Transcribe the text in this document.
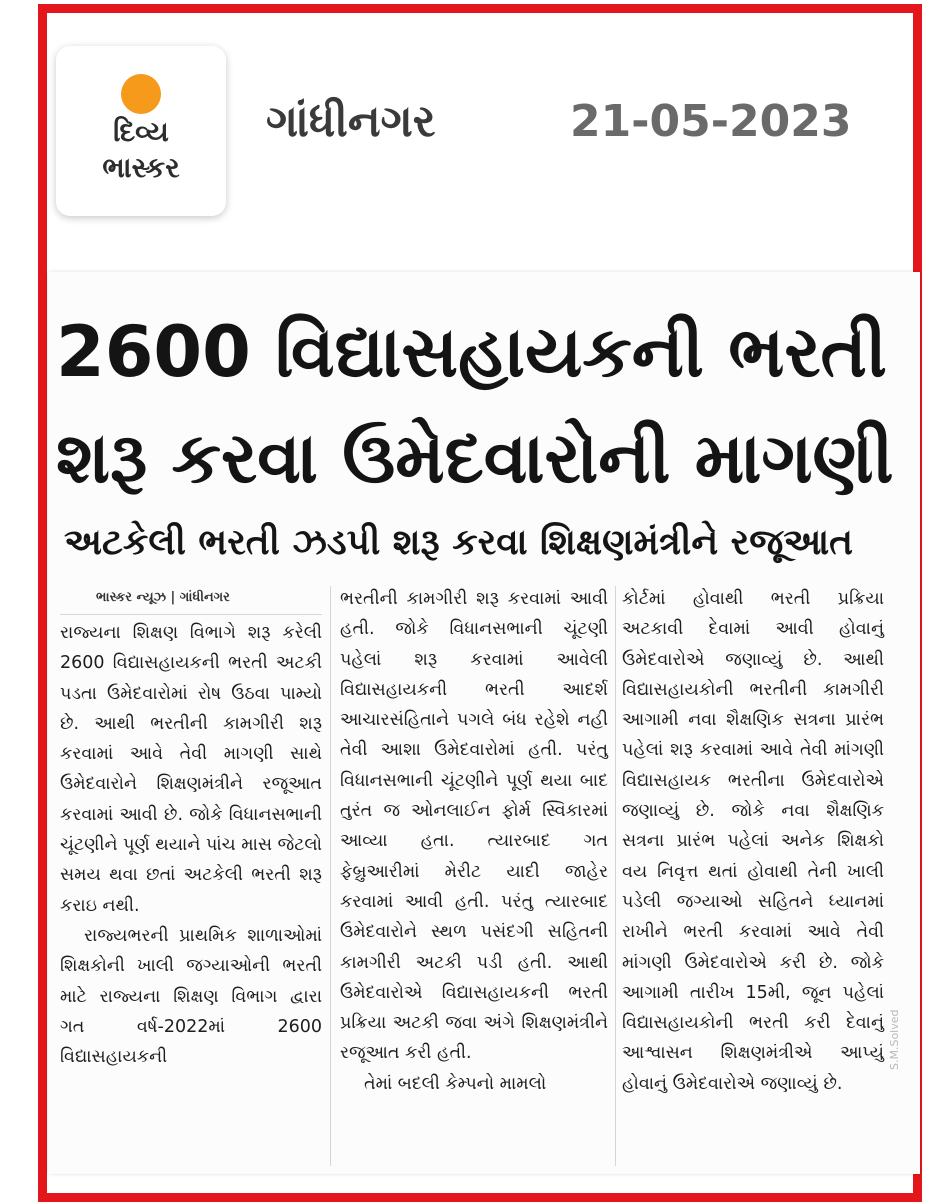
દિવ્ય
ભાસ્કર
ગાંધીનગર	21-05-2023
2600 વિદ્યાસહાયકની ભરતી
શરૂ કરવા ઉમેદવારોની માગણી
અટકેલી ભરતી ઝડપી શરૂ કરવા શિક્ષણમંત્રીને રજૂઆત
ભાસ્કર ન્યૂઝ | ગાંધીનગર

રાજ્યના શિક્ષણ વિભાગે શરૂ કરેલી 2600 વિદ્યાસહાયકની ભરતી અટકી પડતા ઉમેદવારોમાં રોષ ઉઠવા પામ્યો છે. આથી ભરતીની કામગીરી શરૂ કરવામાં આવે તેવી માગણી સાથે ઉમેદવારોને શિક્ષણમંત્રીને રજૂઆત કરવામાં આવી છે. જોકે વિધાનસભાની ચૂંટણીને પૂર્ણ થયાને પાંચ માસ જેટલો સમય થવા છતાં અટકેલી ભરતી શરૂ કરાઇ નથી.

રાજ્યભરની પ્રાથમિક શાળાઓમાં શિક્ષકોની ખાલી જગ્યાઓની ભરતી માટે રાજ્યના શિક્ષણ વિભાગ દ્વારા ગત વર્ષ-2022માં 2600 વિદ્યાસહાયકની

ભરતીની કામગીરી શરૂ કરવામાં આવી હતી. જોકે વિધાનસભાની ચૂંટણી પહેલાં શરૂ કરવામાં આવેલી વિદ્યાસહાયકની ભરતી આદર્શ આચારસંહિતાને પગલે બંધ રહેશે નહી તેવી આશા ઉમેદવારોમાં હતી. પરંતુ વિધાનસભાની ચૂંટણીને પૂર્ણ થયા બાદ તુરંત જ ઓનલાઈન ફોર્મ સ્વિકારમાં આવ્યા હતા. ત્યારબાદ ગત ફેબ્રુઆરીમાં મેરીટ યાદી જાહેર કરવામાં આવી હતી. પરંતુ ત્યારબાદ ઉમેદવારોને સ્થળ પસંદગી સહિતની કામગીરી અટકી પડી હતી. આથી ઉમેદવારોએ વિદ્યાસહાયકની ભરતી પ્રક્રિયા અટકી જવા અંગે શિક્ષણમંત્રીને રજૂઆત કરી હતી.

તેમાં બદલી કેમ્પનો મામલો

કોર્ટમાં હોવાથી ભરતી પ્રક્રિયા અટકાવી દેવામાં આવી હોવાનું ઉમેદવારોએ જણાવ્યું છે. આથી વિદ્યાસહાયકોની ભરતીની કામગીરી આગામી નવા શૈક્ષણિક સત્રના પ્રારંભ પહેલાં શરૂ કરવામાં આવે તેવી માંગણી વિદ્યાસહાયક ભરતીના ઉમેદવારોએ જણાવ્યું છે. જોકે નવા શૈક્ષણિક સત્રના પ્રારંભ પહેલાં અનેક શિક્ષકો વય નિવૃત્ત થતાં હોવાથી તેની ખાલી પડેલી જગ્યાઓ સહિતને ધ્યાનમાં રાખીને ભરતી કરવામાં આવે તેવી માંગણી ઉમેદવારોએ કરી છે. જોકે આગામી તારીખ 15મી, જૂન પહેલાં વિદ્યાસહાયકોની ભરતી કરી દેવાનું આશ્વાસન શિક્ષણમંત્રીએ આપ્યું હોવાનું ઉમેદવારોએ જણાવ્યું છે.

S.M.Solved
